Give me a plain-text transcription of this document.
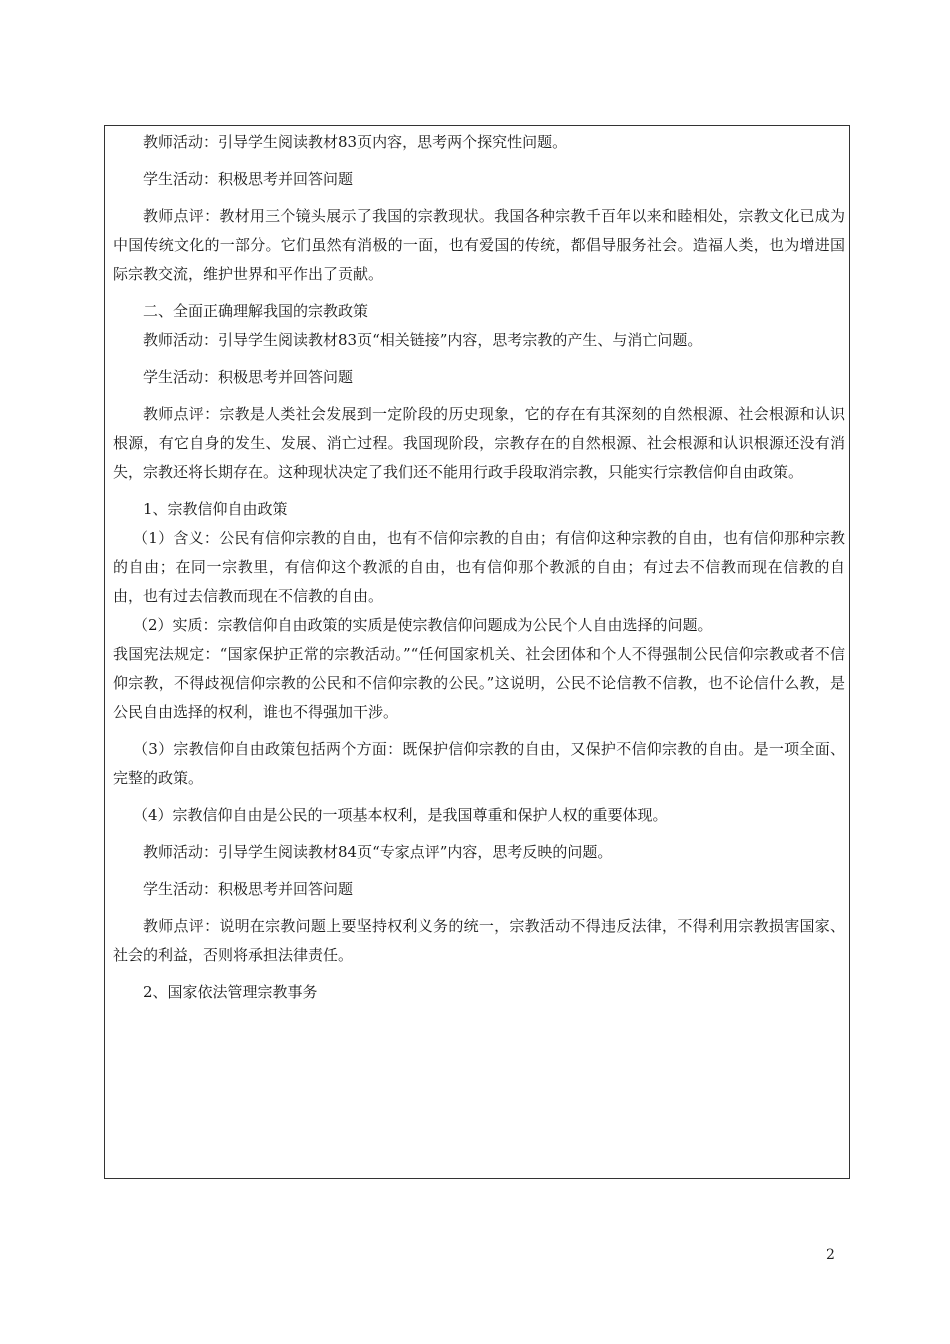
教师活动：引导学生阅读教材83页内容，思考两个探究性问题。

学生活动：积极思考并回答问题

教师点评：教材用三个镜头展示了我国的宗教现状。我国各种宗教千百年以来和睦相处，宗教文化已成为中国传统文化的一部分。它们虽然有消极的一面，也有爱国的传统，都倡导服务社会。造福人类，也为增进国际宗教交流，维护世界和平作出了贡献。

二、全面正确理解我国的宗教政策

教师活动：引导学生阅读教材83页“相关链接”内容，思考宗教的产生、与消亡问题。

学生活动：积极思考并回答问题

教师点评：宗教是人类社会发展到一定阶段的历史现象，它的存在有其深刻的自然根源、社会根源和认识根源，有它自身的发生、发展、消亡过程。我国现阶段，宗教存在的自然根源、社会根源和认识根源还没有消失，宗教还将长期存在。这种现状决定了我们还不能用行政手段取消宗教，只能实行宗教信仰自由政策。

1、宗教信仰自由政策

（1）含义：公民有信仰宗教的自由，也有不信仰宗教的自由；有信仰这种宗教的自由，也有信仰那种宗教的自由；在同一宗教里，有信仰这个教派的自由，也有信仰那个教派的自由；有过去不信教而现在信教的自由，也有过去信教而现在不信教的自由。

（2）实质：宗教信仰自由政策的实质是使宗教信仰问题成为公民个人自由选择的问题。

我国宪法规定：“国家保护正常的宗教活动。”“任何国家机关、社会团体和个人不得强制公民信仰宗教或者不信仰宗教，不得歧视信仰宗教的公民和不信仰宗教的公民。”这说明，公民不论信教不信教，也不论信什么教，是公民自由选择的权利，谁也不得强加干涉。

（3）宗教信仰自由政策包括两个方面：既保护信仰宗教的自由，又保护不信仰宗教的自由。是一项全面、完整的政策。

（4）宗教信仰自由是公民的一项基本权利，是我国尊重和保护人权的重要体现。

教师活动：引导学生阅读教材84页“专家点评”内容，思考反映的问题。

学生活动：积极思考并回答问题

教师点评：说明在宗教问题上要坚持权利义务的统一，宗教活动不得违反法律，不得利用宗教损害国家、社会的利益，否则将承担法律责任。

2、国家依法管理宗教事务

2
